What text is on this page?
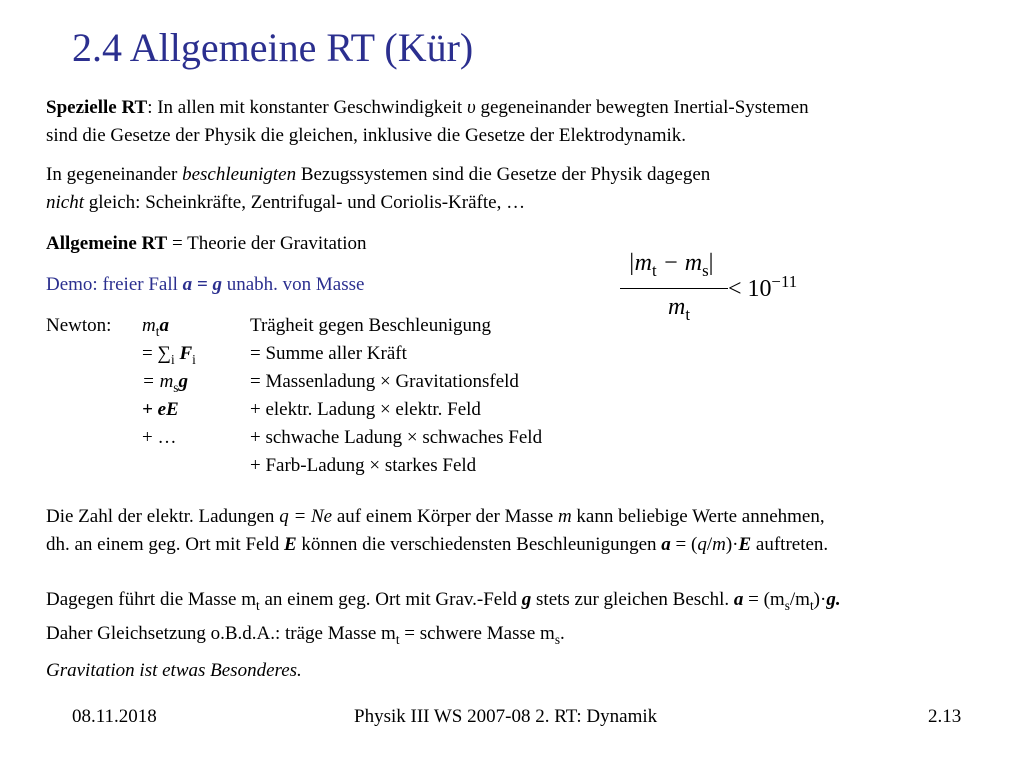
2.4 Allgemeine RT (Kür)
Spezielle RT: In allen mit konstanter Geschwindigkeit υ gegeneinander bewegten Inertial-Systemen
sind die Gesetze der Physik die gleichen, inklusive die Gesetze der Elektrodynamik.
In gegeneinander beschleunigten Bezugssystemen sind die Gesetze der Physik dagegen
nicht gleich: Scheinkräfte, Zentrifugal- und Coriolis-Kräfte, …
Allgemeine RT = Theorie der Gravitation
Demo: freier Fall a = g unabh. von Masse
$|m_t - m_s|$
$m_t$
< $10^{-11}$
Newton: $m_ta$	Trägheit gegen Beschleunigung
= $\sum_i$ $F_i$	= Summe aller Kräft
= $m_sg$	= Massenladung × Gravitationsfeld
+ eE	+ elektr. Ladung × elektr. Feld
+ …	+ schwache Ladung × schwaches Feld
+ Farb-Ladung × starkes Feld
Die Zahl der elektr. Ladungen q = Ne auf einem Körper der Masse m kann beliebige Werte annehmen,
dh. an einem geg. Ort mit Feld E können die verschiedensten Beschleunigungen a = (q/m)·E auftreten.
Dagegen führt die Masse $m_t$ an einem geg. Ort mit Grav.-Feld g stets zur gleichen Beschl. $a = (m_s/m_t)\cdot g$.
Daher Gleichsetzung o.B.d.A.: träge Masse $m_t$ = schwere Masse $m_s$.
Gravitation ist etwas Besonderes.
08.11.2018	Physik III WS 2007-08 2. RT: Dynamik	2.13
